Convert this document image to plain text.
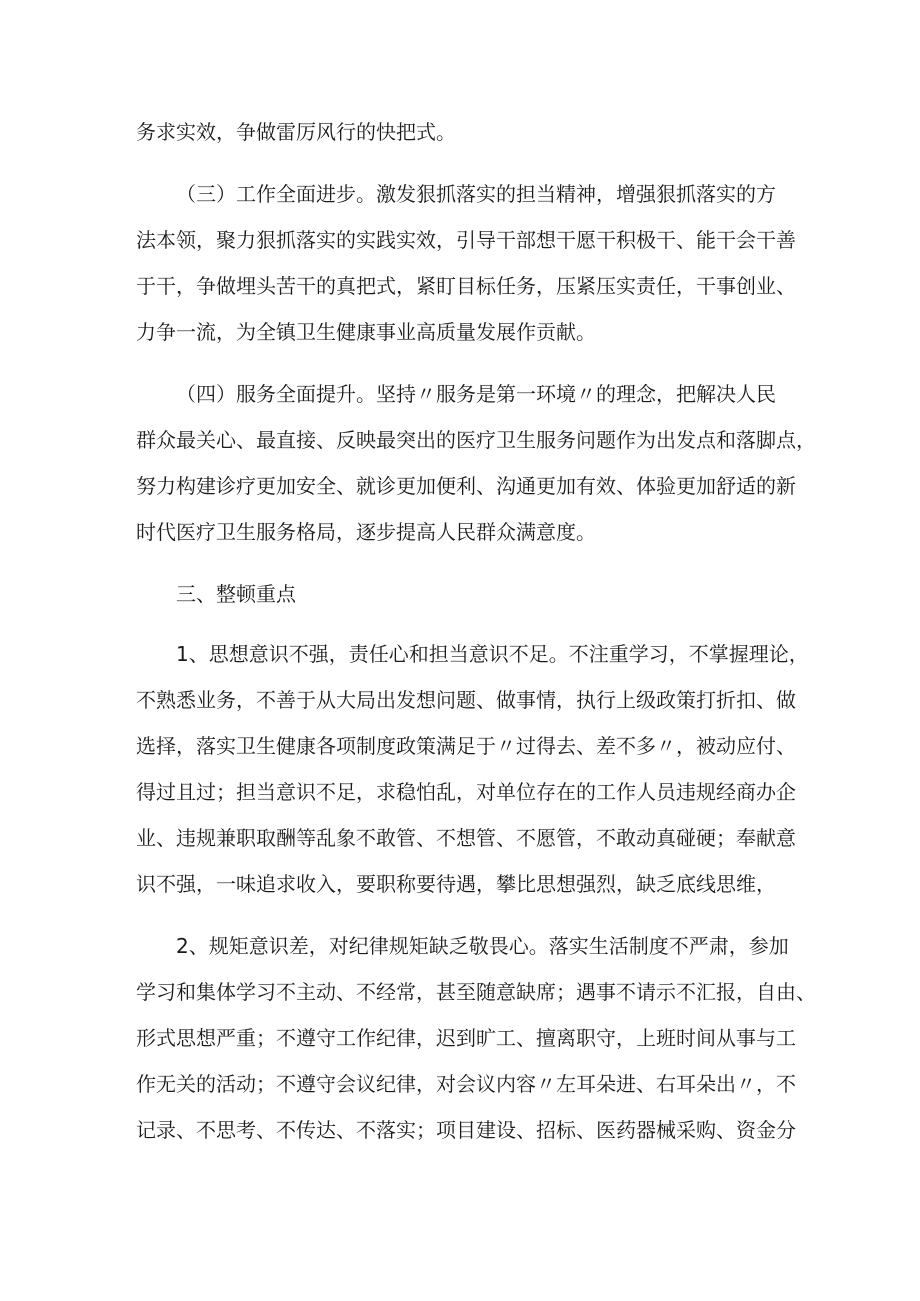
务求实效，争做雷厉风行的快把式。
（三）工作全面进步。激发狠抓落实的担当精神，增强狠抓落实的方
法本领，聚力狠抓落实的实践实效，引导干部想干愿干积极干、能干会干善
于干，争做埋头苦干的真把式，紧盯目标任务，压紧压实责任，干事创业、
力争一流，为全镇卫生健康事业高质量发展作贡献。
（四）服务全面提升。坚持〃服务是第一环境〃的理念，把解决人民
群众最关心、最直接、反映最突出的医疗卫生服务问题作为出发点和落脚点，
努力构建诊疗更加安全、就诊更加便利、沟通更加有效、体验更加舒适的新
时代医疗卫生服务格局，逐步提高人民群众满意度。
三、整顿重点
1、思想意识不强，责任心和担当意识不足。不注重学习，不掌握理论，
不熟悉业务，不善于从大局出发想问题、做事情，执行上级政策打折扣、做
选择，落实卫生健康各项制度政策满足于〃过得去、差不多〃，被动应付、
得过且过；担当意识不足，求稳怕乱，对单位存在的工作人员违规经商办企
业、违规兼职取酬等乱象不敢管、不想管、不愿管，不敢动真碰硬；奉献意
识不强，一味追求收入，要职称要待遇，攀比思想强烈，缺乏底线思维，
2、规矩意识差，对纪律规矩缺乏敬畏心。落实生活制度不严肃，参加
学习和集体学习不主动、不经常，甚至随意缺席；遇事不请示不汇报，自由、
形式思想严重；不遵守工作纪律，迟到旷工、擅离职守，上班时间从事与工
作无关的活动；不遵守会议纪律，对会议内容〃左耳朵进、右耳朵出〃，不
记录、不思考、不传达、不落实；项目建设、招标、医药器械采购、资金分
